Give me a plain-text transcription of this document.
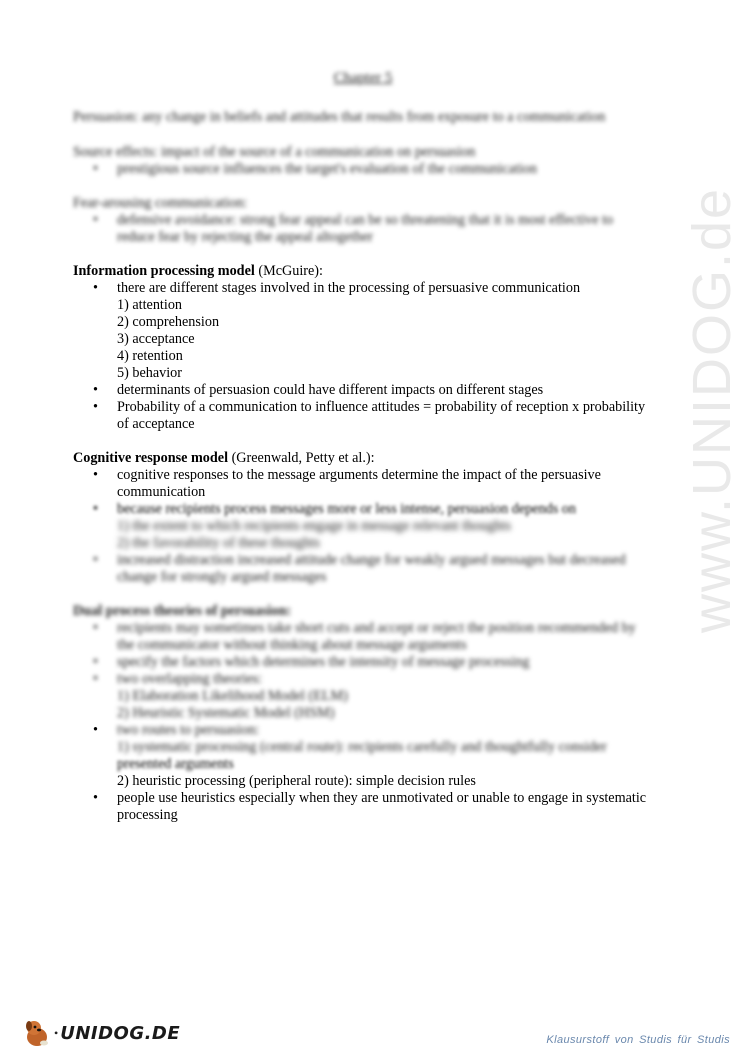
www.UNIDOG.de
Chapter 5

Persuasion: any change in beliefs and attitudes that results from exposure to a communication

Source effects: impact of the source of a communication on persuasion

• prestigious source influences the target's evaluation of the communication

Fear-arousing communication:

• defensive avoidance: strong fear appeal can be so threatening that it is most effective to reduce fear by rejecting the appeal altogether

Information processing model (McGuire):

• there are different stages involved in the processing of persuasive communication
1) attention
2) comprehension
3) acceptance
4) retention
5) behavior
• determinants of persuasion could have different impacts on different stages
• Probability of a communication to influence attitudes = probability of reception x probability of acceptance

Cognitive response model (Greenwald, Petty et al.):

• cognitive responses to the message arguments determine the impact of the persuasive communication
• because recipients process messages more or less intense, persuasion depends on
1) the extent to which recipients engage in message relevant thoughts
2) the favorability of these thoughts
• increased distraction increased attitude change for weakly argued messages but decreased change for strongly argued messages

Dual process theories of persuasion:

• recipients may sometimes take short cuts and accept or reject the position recommended by the communicator without thinking about message arguments
• specify the factors which determines the intensity of message processing
• two overlapping theories:
1) Elaboration Likelihood Model (ELM)
2) Heuristic Systematic Model (HSM)
• two routes to persuasion:
1) systematic processing (central route): recipients carefully and thoughtfully consider
presented arguments
2) heuristic processing (peripheral route): simple decision rules
• people use heuristics especially when they are unmotivated or unable to engage in systematic processing
• UNIDOG.DE	Klausurstoff von Studis für Studis
